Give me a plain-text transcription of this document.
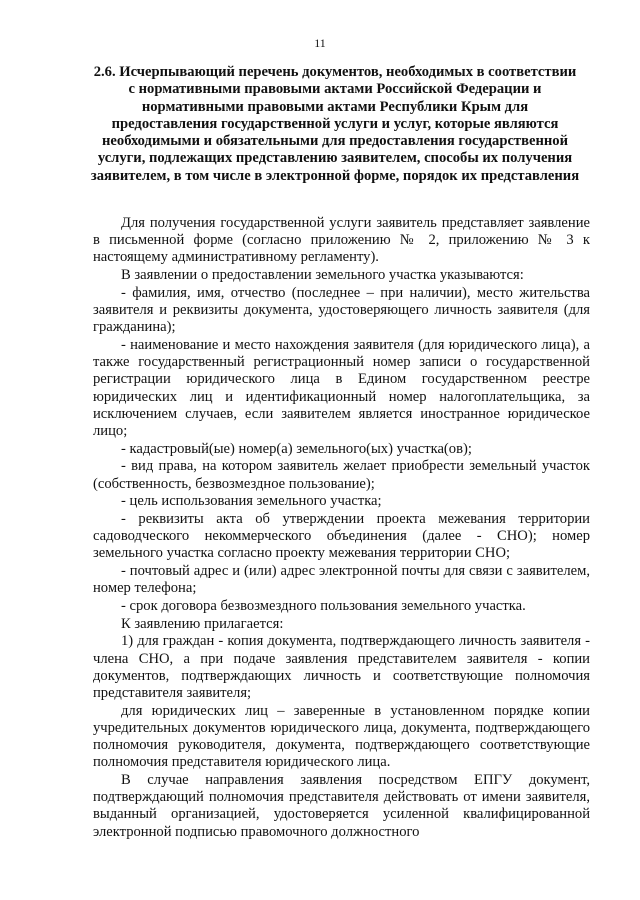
11
2.6. Исчерпывающий перечень документов, необходимых в соответствии с нормативными правовыми актами Российской Федерации и нормативными правовыми актами Республики Крым для предоставления государственной услуги и услуг, которые являются необходимыми и обязательными для предоставления государственной услуги, подлежащих представлению заявителем, способы их получения заявителем, в том числе в электронной форме, порядок их представления

Для получения государственной услуги заявитель представляет заявление в письменной форме (согласно приложению № 2, приложению № 3 к настоящему административному регламенту).

В заявлении о предоставлении земельного участка указываются:

- фамилия, имя, отчество (последнее – при наличии), место жительства заявителя и реквизиты документа, удостоверяющего личность заявителя (для гражданина);

- наименование и место нахождения заявителя (для юридического лица), а также государственный регистрационный номер записи о государственной регистрации юридического лица в Едином государственном реестре юридических лиц и идентификационный номер налогоплательщика, за исключением случаев, если заявителем является иностранное юридическое лицо;

- кадастровый(ые) номер(а) земельного(ых) участка(ов);

- вид права, на котором заявитель желает приобрести земельный участок (собственность, безвозмездное пользование);

- цель использования земельного участка;

- реквизиты акта об утверждении проекта межевания территории садоводческого некоммерческого объединения (далее - СНО); номер земельного участка согласно проекту межевания территории СНО;

- почтовый адрес и (или) адрес электронной почты для связи с заявителем, номер телефона;

- срок договора безвозмездного пользования земельного участка.

К заявлению прилагается:

1) для граждан - копия документа, подтверждающего личность заявителя - члена СНО, а при подаче заявления представителем заявителя - копии документов, подтверждающих личность и соответствующие полномочия представителя заявителя;

для юридических лиц – заверенные в установленном порядке копии учредительных документов юридического лица, документа, подтверждающего полномочия руководителя, документа, подтверждающего соответствующие полномочия представителя юридического лица.

В случае направления заявления посредством ЕПГУ документ, подтверждающий полномочия представителя действовать от имени заявителя, выданный организацией, удостоверяется усиленной квалифицированной электронной подписью правомочного должностного
